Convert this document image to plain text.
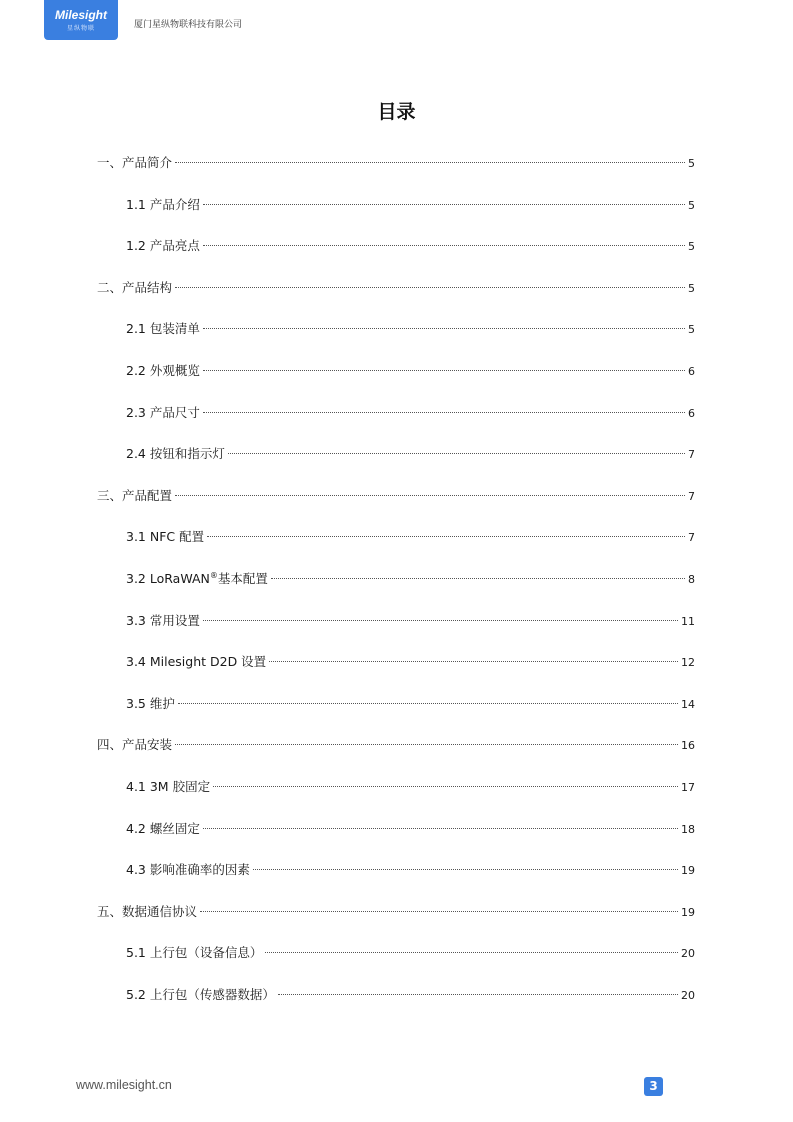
Milesight
星纵物联	厦门星纵物联科技有限公司
目录
一、产品简介	5
1.1 产品介绍	5
1.2 产品亮点	5
二、产品结构	5
2.1 包装清单	5
2.2 外观概览	6
2.3 产品尺寸	6
2.4 按钮和指示灯	7
三、产品配置	7
3.1 NFC 配置	7
3.2 LoRaWAN®基本配置	8
3.3 常用设置	11
3.4 Milesight D2D 设置	12
3.5 维护	14
四、产品安装	16
4.1 3M 胶固定	17
4.2 螺丝固定	18
4.3 影响准确率的因素	19
五、数据通信协议	19
5.1 上行包（设备信息）	20
5.2 上行包（传感器数据）	20
www.milesight.cn	3
